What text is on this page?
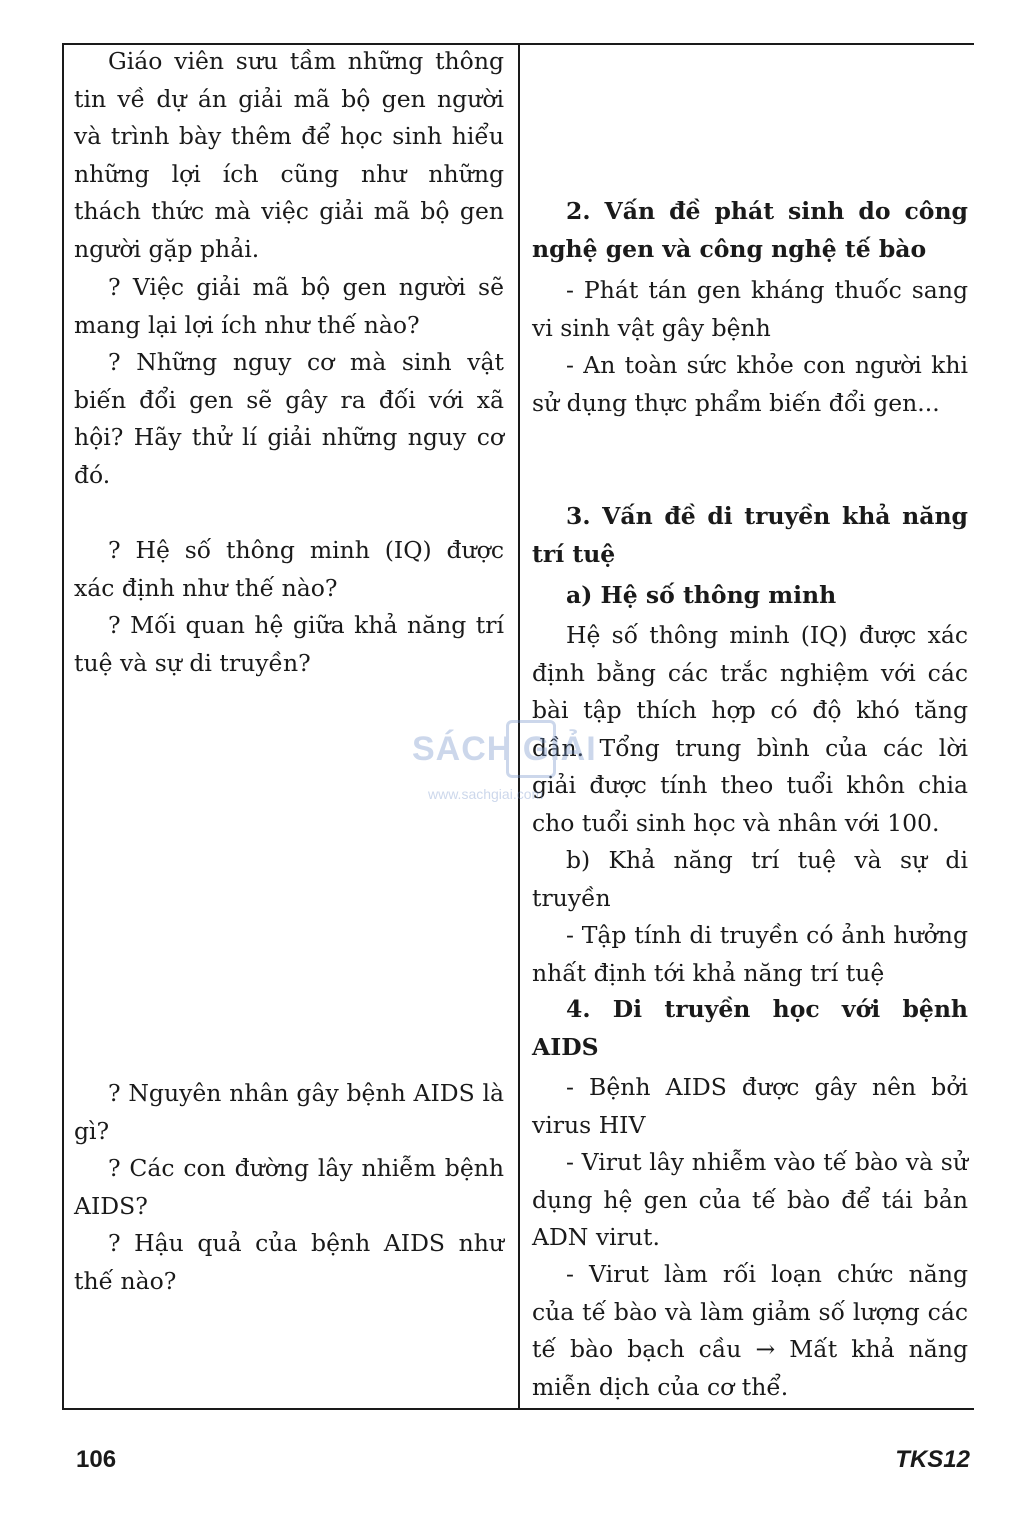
Giáo viên sưu tầm những thông tin về dự án giải mã bộ gen người và trình bày thêm để học sinh hiểu những lợi ích cũng như những thách thức mà việc giải mã bộ gen người gặp phải.

? Việc giải mã bộ gen người sẽ mang lại lợi ích như thế nào?

? Những nguy cơ mà sinh vật biến đổi gen sẽ gây ra đối với xã hội? Hãy thử lí giải những nguy cơ đó.

? Hệ số thông minh (IQ) được xác định như thế nào?

? Mối quan hệ giữa khả năng trí tuệ và sự di truyền?

? Nguyên nhân gây bệnh AIDS là gì?

? Các con đường lây nhiễm bệnh AIDS?

? Hậu quả của bệnh AIDS như thế nào?

2. Vấn đề phát sinh do công nghệ gen và công nghệ tế bào

- Phát tán gen kháng thuốc sang vi sinh vật gây bệnh

- An toàn sức khỏe con người khi sử dụng thực phẩm biến đổi gen...

3. Vấn đề di truyền khả năng trí tuệ

a) Hệ số thông minh

Hệ số thông minh (IQ) được xác định bằng các trắc nghiệm với các bài tập thích hợp có độ khó tăng dần. Tổng trung bình của các lời giải được tính theo tuổi khôn chia cho tuổi sinh học và nhân với 100.

b) Khả năng trí tuệ và sự di truyền

- Tập tính di truyền có ảnh hưởng nhất định tới khả năng trí tuệ

4. Di truyền học với bệnh AIDS

- Bệnh AIDS được gây nên bởi virus HIV

- Virut lây nhiễm vào tế bào và sử dụng hệ gen của tế bào để tái bản ADN virut.

- Virut làm rối loạn chức năng của tế bào và làm giảm số lượng các tế bào bạch cầu → Mất khả năng miễn dịch của cơ thể.

SÁCH GIẢI
www.sachgiai.com
106	TKS12
